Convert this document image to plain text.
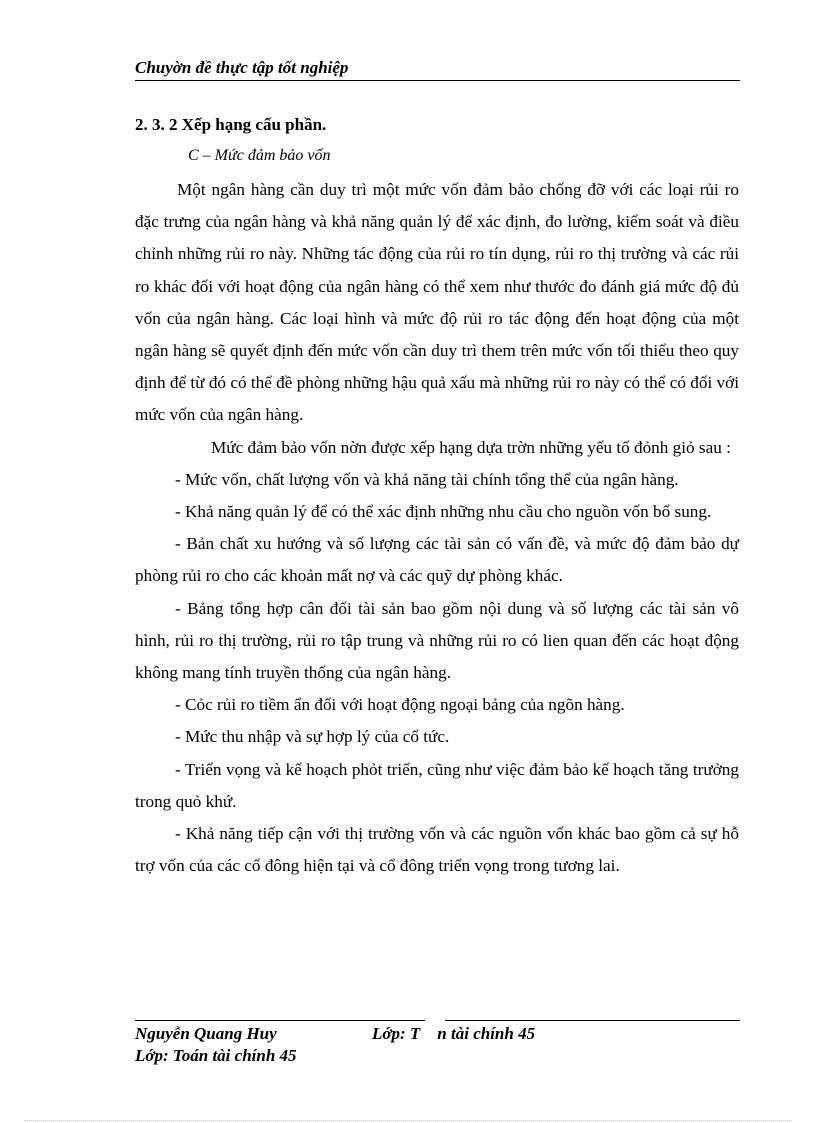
Chuyờn đề thực tập tốt nghiệp
2. 3. 2 Xếp hạng cấu phần.
C – Mức đảm bảo vốn

Một ngân hàng cần duy trì một mức vốn đảm bảo chống đỡ với các loại rủi ro đặc trưng của ngân hàng và khả năng quản lý để xác định, đo lường, kiểm soát và điều chỉnh những rủi ro này. Những tác động của rủi ro tín dụng, rủi ro thị trường và các rủi ro khác đối với hoạt động của ngân hàng có thể xem như thước đo đánh giá mức độ đủ vốn của ngân hàng. Các loại hình và mức độ rủi ro tác động đến hoạt động của một ngân hàng sẽ quyết định đến mức vốn cần duy trì them trên mức vốn tối thiểu theo quy định để từ đó có thể đề phòng những hậu quả xấu mà những rủi ro này có thể có đối với mức vốn của ngân hàng.

Mức đảm bảo vốn nờn được xếp hạng dựa trờn những yếu tố đỏnh giỏ sau :

- Mức vốn, chất lượng vốn và khả năng tài chính tổng thể của ngân hàng.

- Khả năng quản lý để có thể xác định những nhu cầu cho nguồn vốn bổ sung.

- Bản chất xu hướng và số lượng các tài sản có vấn đề, và mức độ đảm bảo dự phòng rủi ro cho các khoản mất nợ và các quỹ dự phòng khác.

- Bảng tổng hợp cân đối tài sản bao gồm nội dung và số lượng các tài sản vô hình, rủi ro thị trường, rủi ro tập trung và những rủi ro có lien quan đến các hoạt động không mang tính truyền thống của ngân hàng.

- Cỏc rủi ro tiềm ẩn đối với hoạt động ngoại bảng của ngõn hàng.

- Mức thu nhập và sự hợp lý của cổ tức.

- Triển vọng và kế hoạch phỏt triển, cũng như việc đảm bảo kế hoạch tăng trưởng trong quỏ khứ.

- Khả năng tiếp cận với thị trường vốn và các nguồn vốn khác bao gồm cả sự hỗ trợ vốn của các cổ đông hiện tại và cổ đông triển vọng trong tương lai.

Nguyễn Quang Huy	Lớp: T    n tài chính 45
Lớp: Toán tài chính 45
